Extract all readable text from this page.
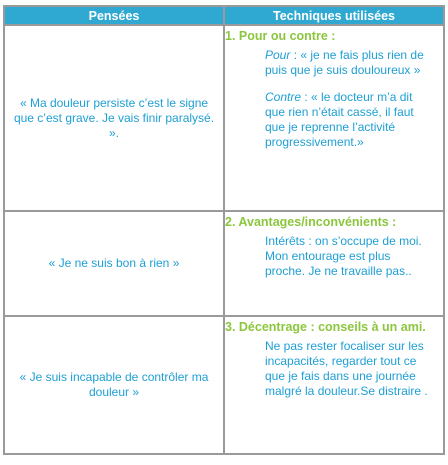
Pensées	Techniques utilisées
« Ma douleur persiste c’est le signe que c’est grave. Je vais finir paralysé. ».	1. Pour ou contre :

Pour : « je ne fais plus rien de puis que je suis douloureux »

Contre : « le docteur m’a dit que rien n’était cassé, il faut que je reprenne l’activité progressivement.»

« Je ne suis bon à rien »	2. Avantages/inconvénients :

Intérêts : on s’occupe de moi. Mon entourage est plus proche. Je ne travaille pas..

« Je suis incapable de contrôler ma douleur »	3. Décentrage : conseils à un ami.

Ne pas rester focaliser sur les incapacités, regarder tout ce que je fais dans une journée malgré la douleur.Se distraire .
